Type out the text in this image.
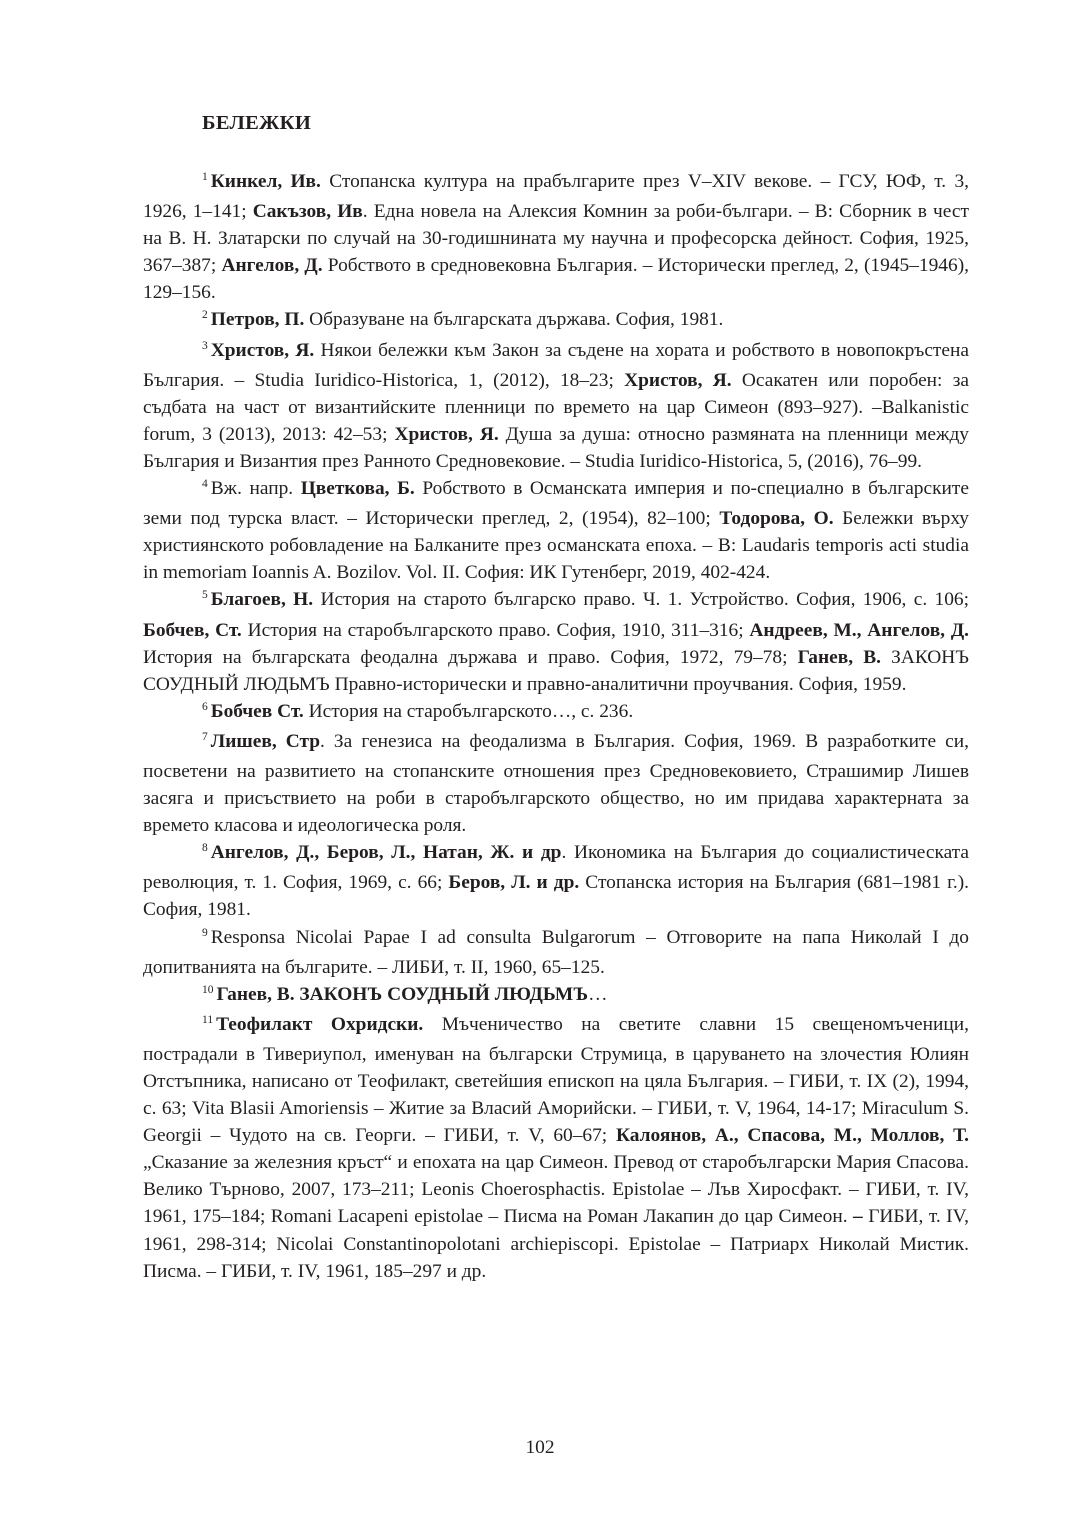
БЕЛЕЖКИ

$^1$ Кинкел, Ив. Стопанска култура на прабългарите през V–XIV векове. – ГСУ, ЮФ, т. 3, 1926, 1–141; Сакъзов, Ив. Една новела на Алексия Комнин за роби-българи. – В: Сборник в чест на В. Н. Златарски по случай на 30-годишнината му научна и професорска дейност. София, 1925, 367–387; Ангелов, Д. Робството в средновековна България. – Исторически преглед, 2, (1945–1946), 129–156.

$^2$ Петров, П. Образуване на българската държава. София, 1981.

$^3$ Христов, Я. Някои бележки към Закон за съдене на хората и робството в новопокръстена България. – Studia Iuridico-Historica, 1, (2012), 18–23; Христов, Я. Осакатен или поробен: за съдбата на част от византийските пленници по времето на цар Симеон (893–927). –Balkanistic forum, 3 (2013), 2013: 42–53; Христов, Я. Душа за душа: относно размяната на пленници между България и Византия през Ранното Средновековие. – Studia Iuridico-Historica, 5, (2016), 76–99.

$^4$ Вж. напр. Цветкова, Б. Робството в Османската империя и по-специално в българските земи под турска власт. – Исторически преглед, 2, (1954), 82–100; Тодорова, О. Бележки върху християнското робовладение на Балканите през османската епоха. – В: Laudaris temporis acti studia in memoriam Ioannis A. Bozilov. Vol. II. София: ИК Гутенберг, 2019, 402-424.

$^5$ Благоев, Н. История на старото българско право. Ч. 1. Устройство. София, 1906, с. 106; Бобчев, Ст. История на старобългарското право. София, 1910, 311–316; Андреев, М., Ангелов, Д. История на българската феодална държава и право. София, 1972, 79–78; Ганев, В. ЗАКОНЪ СОУДНЫЙ ЛЮДЬМЪ Правно-исторически и правно-аналитични проучвания. София, 1959.

$^6$ Бобчев Ст. История на старобългарското…, с. 236.

$^7$ Лишев, Стр. За генезиса на феодализма в България. София, 1969. В разработките си, посветени на развитието на стопанските отношения през Средновековието, Страшимир Лишев засяга и присъствието на роби в старобългарското общество, но им придава характерната за времето класова и идеологическа роля.

$^8$ Ангелов, Д., Беров, Л., Натан, Ж. и др. Икономика на България до социалистическата революция, т. 1. София, 1969, с. 66; Беров, Л. и др. Стопанска история на България (681–1981 г.). София, 1981.

$^9$ Responsa Nicolai Papae I ad consulta Bulgarorum – Отговорите на папа Николай I до допитванията на българите. – ЛИБИ, т. II, 1960, 65–125.

$^{10}$ Ганев, В. ЗАКОНЪ СОУДНЫЙ ЛЮДЬМЪ…

$^{11}$ Теофилакт Охридски. Мъченичество на светите славни 15 свещеномъченици, пострадали в Тивериупол, именуван на български Струмица, в царуването на злочестия Юлиян Отстъпника, написано от Теофилакт, светейшия епископ на цяла България. – ГИБИ, т. IX (2), 1994, с. 63; Vita Blasii Amoriensis – Житие за Власий Аморийски. – ГИБИ, т. V, 1964, 14-17; Miraculum S. Georgii – Чудото на св. Георги. – ГИБИ, т. V, 60–67; Калоянов, А., Спасова, М., Моллов, Т. „Сказание за железния кръст“ и епохата на цар Симеон. Превод от старобългарски Мария Спасова. Велико Търново, 2007, 173–211; Leonis Choerosphactis. Epistolae – Лъв Хиросфакт. – ГИБИ, т. IV, 1961, 175–184; Romani Lacapeni epistolae – Писма на Роман Лакапин до цар Симеон. – ГИБИ, т. IV, 1961, 298-314; Nicolai Constantinopolotani archiepiscopi. Epistolae – Патриарх Николай Мистик. Писма. – ГИБИ, т. IV, 1961, 185–297 и др.

102
